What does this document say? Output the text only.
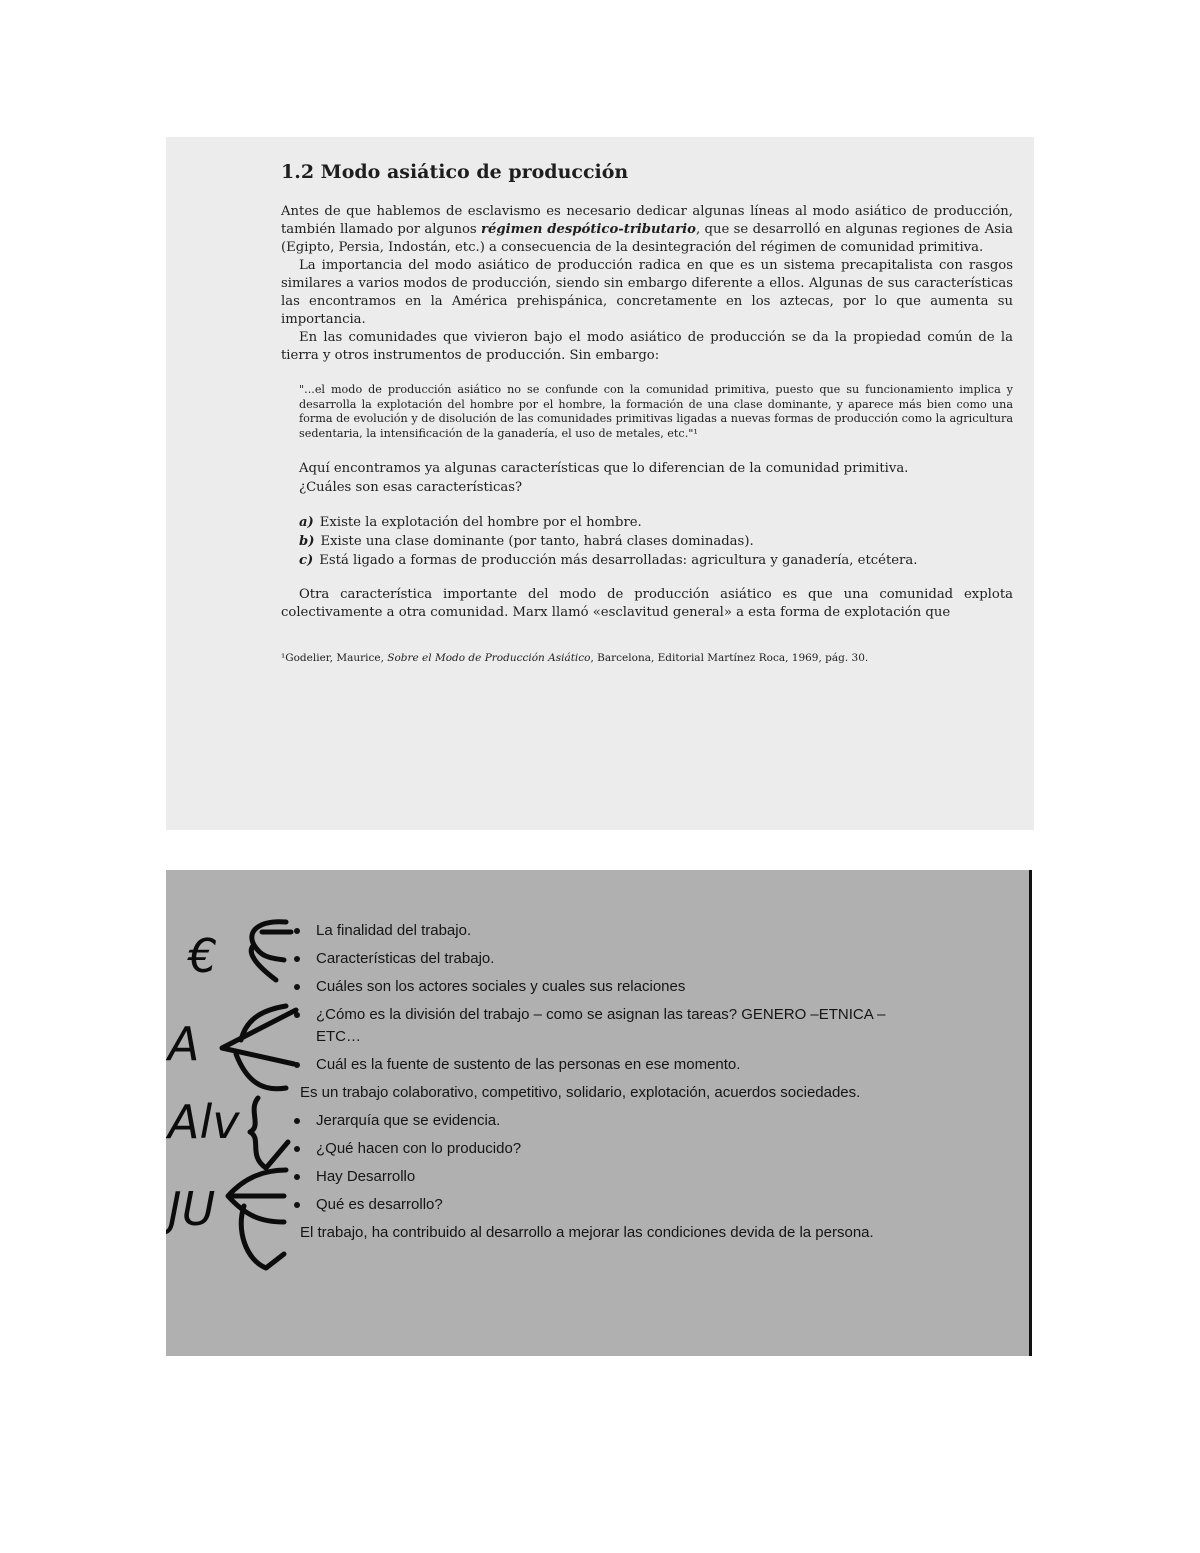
1.2 Modo asiático de producción

Antes de que hablemos de esclavismo es necesario dedicar algunas líneas al modo asiático de producción, también llamado por algunos régimen despótico-tributario, que se desarrolló en algunas regiones de Asia (Egipto, Persia, Indostán, etc.) a consecuencia de la desintegración del régimen de comunidad primitiva.

La importancia del modo asiático de producción radica en que es un sistema precapitalista con rasgos similares a varios modos de producción, siendo sin embargo diferente a ellos. Algunas de sus características las encontramos en la América prehispánica, concretamente en los aztecas, por lo que aumenta su importancia.

En las comunidades que vivieron bajo el modo asiático de producción se da la propiedad común de la tierra y otros instrumentos de producción. Sin embargo:

"...el modo de producción asiático no se confunde con la comunidad primitiva, puesto que su funcionamiento implica y desarrolla la explotación del hombre por el hombre, la formación de una clase dominante, y aparece más bien como una forma de evolución y de disolución de las comunidades primitivas ligadas a nuevas formas de producción como la agricultura sedentaria, la intensificación de la ganadería, el uso de metales, etc."¹

Aquí encontramos ya algunas características que lo diferencian de la comunidad primitiva.
¿Cuáles son esas características?
a) Existe la explotación del hombre por el hombre.
b) Existe una clase dominante (por tanto, habrá clases dominadas).
c) Está ligado a formas de producción más desarrolladas: agricultura y ganadería, etcétera.

Otra característica importante del modo de producción asiático es que una comunidad explota colectivamente a otra comunidad. Marx llamó «esclavitud general» a esta forma de explotación que

¹Godelier, Maurice, Sobre el Modo de Producción Asiático, Barcelona, Editorial Martínez Roca, 1969, pág. 30.

La finalidad del trabajo.
Características del trabajo.
Cuáles son los actores sociales y cuales sus relaciones
¿Cómo es la división del trabajo – como se asignan las tareas? GENERO –ETNICA – ETC…
Cuál es la fuente de sustento de las personas en ese momento.
Es un trabajo colaborativo, competitivo, solidario, explotación, acuerdos sociedades.
Jerarquía que se evidencia.
¿Qué hacen con lo producido?
Hay Desarrollo
Qué es desarrollo?
El trabajo, ha contribuido al desarrollo a mejorar las condiciones devida de la persona.
€
A
Alv
JU
